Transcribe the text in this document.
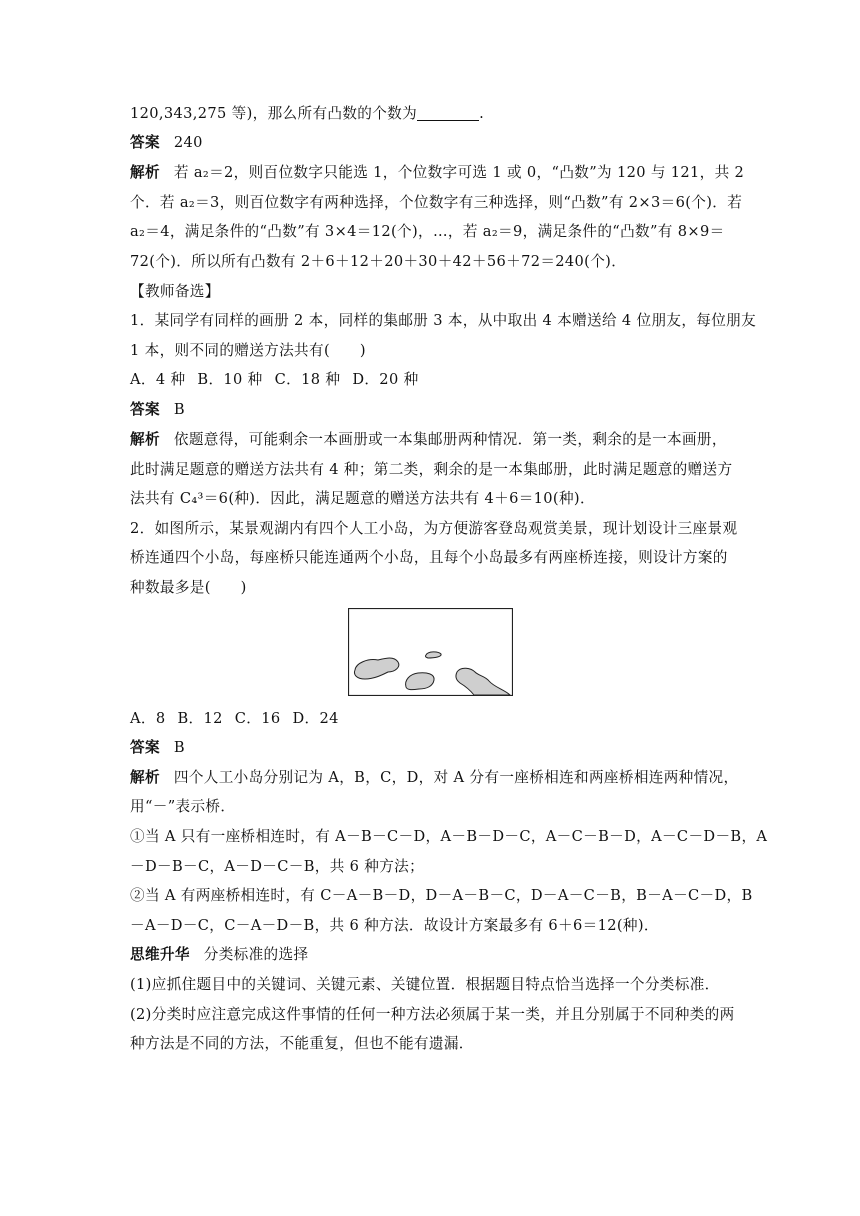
120,343,275 等)，那么所有凸数的个数为	.
答案 240
解析 若 a₂＝2，则百位数字只能选 1，个位数字可选 1 或 0，“凸数”为 120 与 121，共 2
个．若 a₂＝3，则百位数字有两种选择，个位数字有三种选择，则“凸数”有 2×3＝6(个)．若
a₂＝4，满足条件的“凸数”有 3×4＝12(个)，…，若 a₂＝9，满足条件的“凸数”有 8×9＝
72(个)．所以所有凸数有 2＋6＋12＋20＋30＋42＋56＋72＝240(个)．
【教师备选】
1．某同学有同样的画册 2 本，同样的集邮册 3 本，从中取出 4 本赠送给 4 位朋友，每位朋友
1 本，则不同的赠送方法共有(　　)
A．4 种 B．10 种 C．18 种 D．20 种
答案 B
解析 依题意得，可能剩余一本画册或一本集邮册两种情况．第一类，剩余的是一本画册，
此时满足题意的赠送方法共有 4 种；第二类，剩余的是一本集邮册，此时满足题意的赠送方
法共有 C₄³＝6(种)．因此，满足题意的赠送方法共有 4＋6＝10(种)．
2．如图所示，某景观湖内有四个人工小岛，为方便游客登岛观赏美景，现计划设计三座景观
桥连通四个小岛，每座桥只能连通两个小岛，且每个小岛最多有两座桥连接，则设计方案的
种数最多是(　　)
A．8 B．12 C．16 D．24
答案 B
解析 四个人工小岛分别记为 A，B，C，D，对 A 分有一座桥相连和两座桥相连两种情况，
用“－”表示桥．
①当 A 只有一座桥相连时，有 A－B－C－D，A－B－D－C，A－C－B－D，A－C－D－B，A
－D－B－C，A－D－C－B，共 6 种方法；
②当 A 有两座桥相连时，有 C－A－B－D，D－A－B－C，D－A－C－B，B－A－C－D，B
－A－D－C，C－A－D－B，共 6 种方法．故设计方案最多有 6＋6＝12(种)．
思维升华 分类标准的选择
(1)应抓住题目中的关键词、关键元素、关键位置．根据题目特点恰当选择一个分类标准．
(2)分类时应注意完成这件事情的任何一种方法必须属于某一类，并且分别属于不同种类的两
种方法是不同的方法，不能重复，但也不能有遗漏．
